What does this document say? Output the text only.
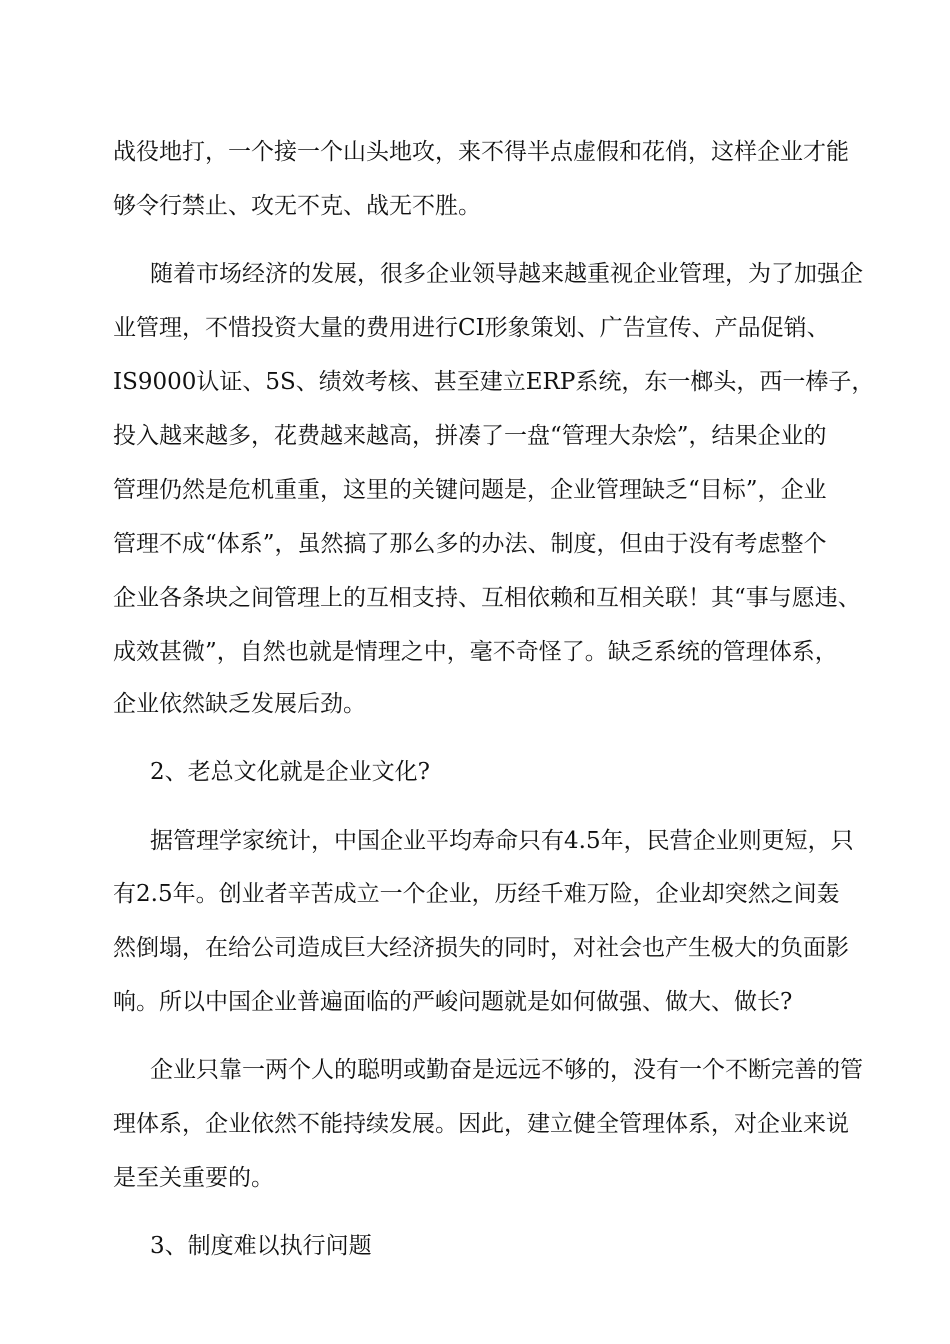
战役地打，一个接一个山头地攻，来不得半点虚假和花俏，这样企业才能

够令行禁止、攻无不克、战无不胜。

随着市场经济的发展，很多企业领导越来越重视企业管理，为了加强企

业管理，不惜投资大量的费用进行CI形象策划、广告宣传、产品促销、

IS9000认证、5S、绩效考核、甚至建立ERP系统，东一榔头，西一棒子，

投入越来越多，花费越来越高，拼凑了一盘“管理大杂烩”，结果企业的

管理仍然是危机重重，这里的关键问题是，企业管理缺乏“目标”，企业

管理不成“体系”，虽然搞了那么多的办法、制度，但由于没有考虑整个

企业各条块之间管理上的互相支持、互相依赖和互相关联！其“事与愿违、

成效甚微”，自然也就是情理之中，毫不奇怪了。缺乏系统的管理体系，

企业依然缺乏发展后劲。

2、老总文化就是企业文化?

据管理学家统计，中国企业平均寿命只有4.5年，民营企业则更短，只

有2.5年。创业者辛苦成立一个企业，历经千难万险，企业却突然之间轰

然倒塌，在给公司造成巨大经济损失的同时，对社会也产生极大的负面影

响。所以中国企业普遍面临的严峻问题就是如何做强、做大、做长?

企业只靠一两个人的聪明或勤奋是远远不够的，没有一个不断完善的管

理体系，企业依然不能持续发展。因此，建立健全管理体系，对企业来说

是至关重要的。

3、制度难以执行问题
